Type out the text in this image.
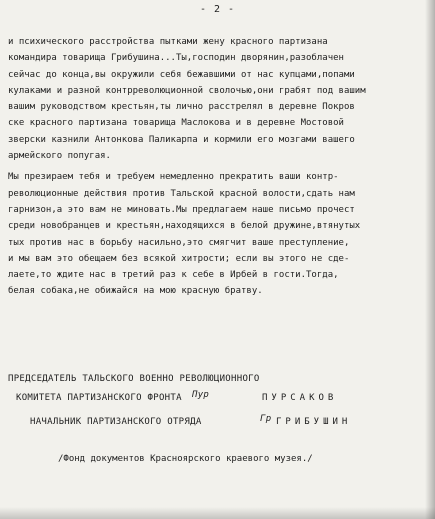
- 2 -
и психического расстройства пытками жену красного партизана
командира товарища Грибушина...Ты,господин дворянин,разоблачен
сейчас до конца,вы окружили себя бежавшими от нас купцами,попами
кулаками и разной контрреволюционной сволочью,они грабят под вашим
вашим руководством крестьян,ты лично расстрелял в деревне Покров
ске красного партизана товарища Маслокова и в деревне Мостовой
зверски казнили Антонкова Паликарпа и кормили его мозгами вашего
армейского попугая.
Мы презираем тебя и требуем немедленно прекратить ваши контр-
революционные действия против Тальской красной волости,сдать нам
гарнизон,а это вам не миновать.Мы предлагаем наше письмо прочест
среди новобранцев и крестьян,находящихся в белой дружине,втянутых
тых против нас в борьбу насильно,это смягчит ваше преступление,
и мы вам это обещаем без всякой хитрости; если вы этого не сде-
лаете,то ждите нас в третий раз к себе в Ирбей в гости.Тогда,
белая собака,не обижайся на мою красную братву.
ПРЕДСЕДАТЕЛЬ ТАЛЬСКОГО ВОЕННО РЕВОЛЮЦИОННОГО
КОМИТЕТА ПАРТИЗАНСКОГО ФРОНТА Пур	ПУРСАКОВ
НАЧАЛЬНИК ПАРТИЗАНСКОГО ОТРЯДА	Гр ГРИБУШИН
/Фонд документов Красноярского краевого музея./
